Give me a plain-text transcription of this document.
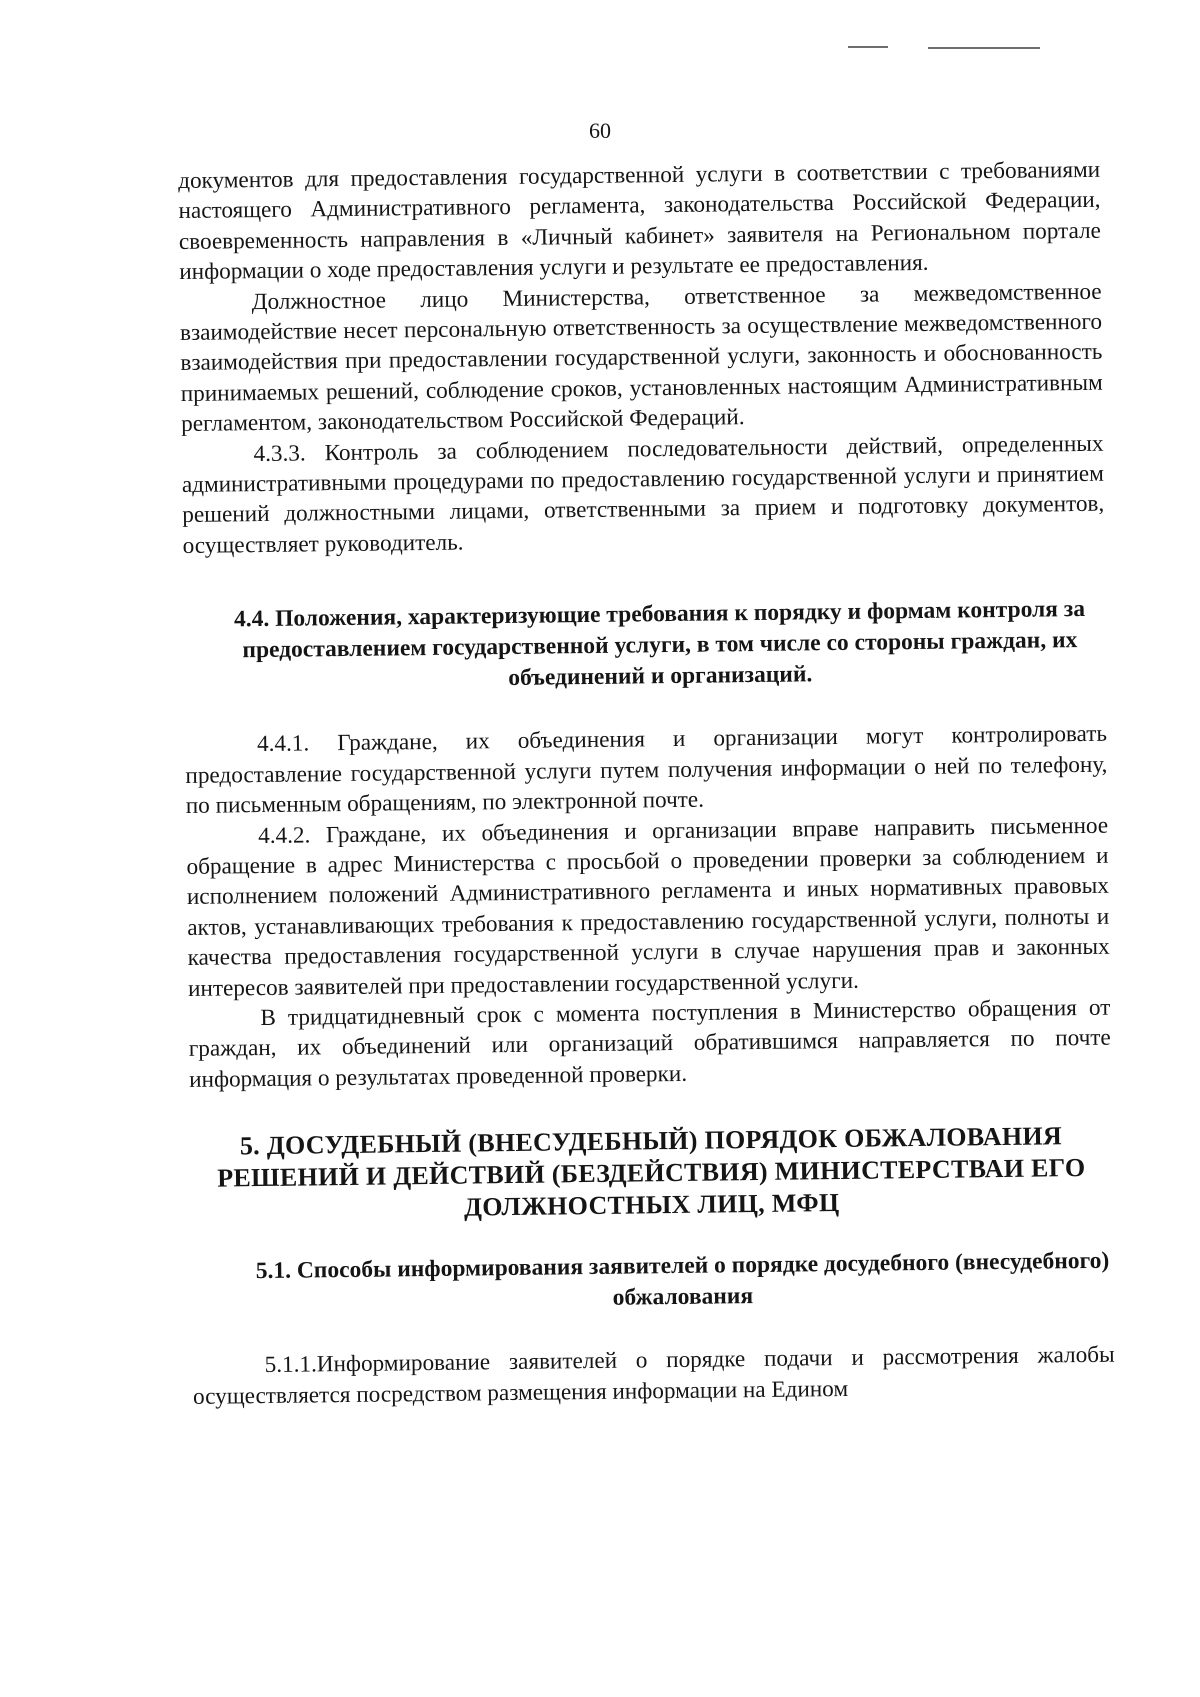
60

документов для предоставления государственной услуги в соответствии с требованиями настоящего Административного регламента, законодательства Российской Федерации, своевременность направления в «Личный кабинет» заявителя на Региональном портале информации о ходе предоставления услуги и результате ее предоставления.

Должностное лицо Министерства, ответственное за межведомственное взаимодействие несет персональную ответственность за осуществление межведомственного взаимодействия при предоставлении государственной услуги, законность и обоснованность принимаемых решений, соблюдение сроков, установленных настоящим Административным регламентом, законодательством Российской Федераций.

4.3.3. Контроль за соблюдением последовательности действий, определенных административными процедурами по предоставлению государственной услуги и принятием решений должностными лицами, ответственными за прием и подготовку документов, осуществляет руководитель.

4.4. Положения, характеризующие требования к порядку и формам контроля за предоставлением государственной услуги, в том числе со стороны граждан, их объединений и организаций.

4.4.1. Граждане, их объединения и организации могут контролировать предоставление государственной услуги путем получения информации о ней по телефону, по письменным обращениям, по электронной почте.

4.4.2. Граждане, их объединения и организации вправе направить письменное обращение в адрес Министерства с просьбой о проведении проверки за соблюдением и исполнением положений Административного регламента и иных нормативных правовых актов, устанавливающих требования к предоставлению государственной услуги, полноты и качества предоставления государственной услуги в случае нарушения прав и законных интересов заявителей при предоставлении государственной услуги.

В тридцатидневный срок с момента поступления в Министерство обращения от граждан, их объединений или организаций обратившимся направляется по почте информация о результатах проведенной проверки.

5. ДОСУДЕБНЫЙ (ВНЕСУДЕБНЫЙ) ПОРЯДОК ОБЖАЛОВАНИЯ РЕШЕНИЙ И ДЕЙСТВИЙ (БЕЗДЕЙСТВИЯ) МИНИСТЕРСТВАИ ЕГО ДОЛЖНОСТНЫХ ЛИЦ, МФЦ
5.1. Способы информирования заявителей о порядке досудебного (внесудебного) обжалования

5.1.1.Информирование заявителей о порядке подачи и рассмотрения жалобы осуществляется посредством размещения информации на Едином
